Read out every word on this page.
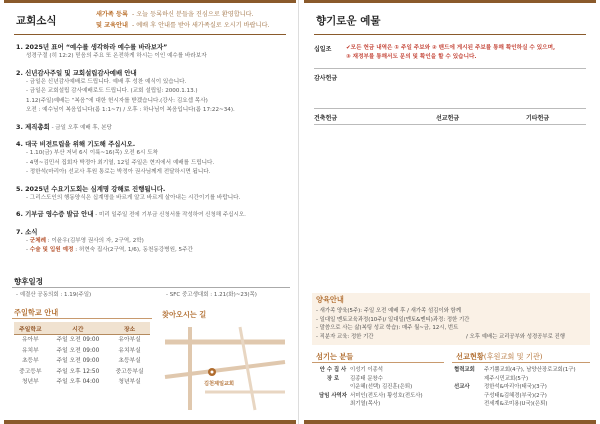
교회소식
새가족 등록 - 오늘 등록하신 분들을 진심으로 환영합니다.
및 교육안내 - 예배 후 안내를 받아 새가족실로 오시기 바랍니다.
1. 2025년 표어 “예수를 생각하라 예수를 바라보자”
성경구절 (히 12:2) 믿음의 주요 또 온전하게 하시는 이인 예수를 바라보자
2. 신년감사주일 및 교회설립감사예배 안내
- 금일은 신년감사예배로 드립니다. 예배 후 성찬 예식이 있습니다.
- 금일은 교회설립 감사예배로도 드립니다. (교회 설립일: 2000.1.13.)
1.12(주일)예배는 “복음”에 대한 헌시자를 받겠습니다.(강사: 김요셉 목사)
오전 : 예수님이 복음입니다(롬 1:1~7) / 오후 : 하나님이 복음입니다(롬 17:22~34).
3. 제직총회 - 금일 오후 예배 후, 본당
4. 대국 비전트립을 위해 기도해 주십시오.
- 1.10(금) 부산 저녁 6시 이륙~16(목) 오전 6시 도착
- 4명~김민서 집회자 박정아 최기열, 12일 주일은 현지에서 예배를 드립니다.
- 정한석(마리아) 선교사 후원 통로는 박정아 권사님께게 전달하시면 됩니다.
5. 2025년 수요기도회는 심계명 강해로 진행됩니다.
- 그리스도인의 행동양식은 십계명을 바르게 알고 바르게 살아내는 시간이기를 바랍니다.
6. 기부금 영수증 발급 안내 - 미리 일주일 전에 기부금 신청서를 작성하여 신청해 주십시오.
7. 소식
- 군체례 : 이윤우(김부영 권사의 자, 2구역, 2학)
- 수술 및 입원 예정 : 허현숙 집사(2구역, 1/6), 동천동강병원, 5주간
향후일정
- 예결산 공동의회 : 1.19(주일)	- SFC 중고생대회 : 1.21(화)~23(목)
주일학교 안내
주일학교	시간	장소
유아부	주일 오전 09:00	유아부실
유치부	주일 오전 09:00	유치부실
초등부	주일 오전 09:00	초등부실
중고등부	주일 오후 12:50	중고등부실
청년부	주일 오후 04:00	청년부실
찾아오시는 길
김천제일교회
향기로운 예물
십일조	✔모든 헌금 내역은 ① 주일 주보와 ② 밴드에 게시된 주보를 통해 확인하실 수 있으며,
③ 재정부를 통해서도 문의 및 확인을 할 수 있습니다.
감사헌금
건축헌금	선교헌금	기타헌금
양육안내
- 새가족 양육(5주): 주일 오전 예배 후 / 새가족 섬김이와 함께
- 일대일 멘토교육과정(10주)/ 일대일(멘토&멘티)과정: 정한 기간
- 말씀으로 사는 삶(복팅 성교 학습): 매주 월~금, 12시, 번트
- 직분자 교육: 정한 기간	/ 오후 예배는 교리공부와 성경공부로 진행
섬기는 분들
안 수 집 사 이성기 이종석
장 로	김종태 문창수
이운혜(선택) 김진훈(은퇴)
담임 사역자 서미인(전도사) 황성호(전도사)
최기열(목사)
선교현황(후원교회 및 기관)
협력교회	주기쁨교회(4구), 남양산장로교회(1구)
제주시민교회(5구)
선교사	정한석&마리아(태국)(3구)
구성태&김혜경(부국)(2구)
전세계&조미용(U국)(은퇴)
